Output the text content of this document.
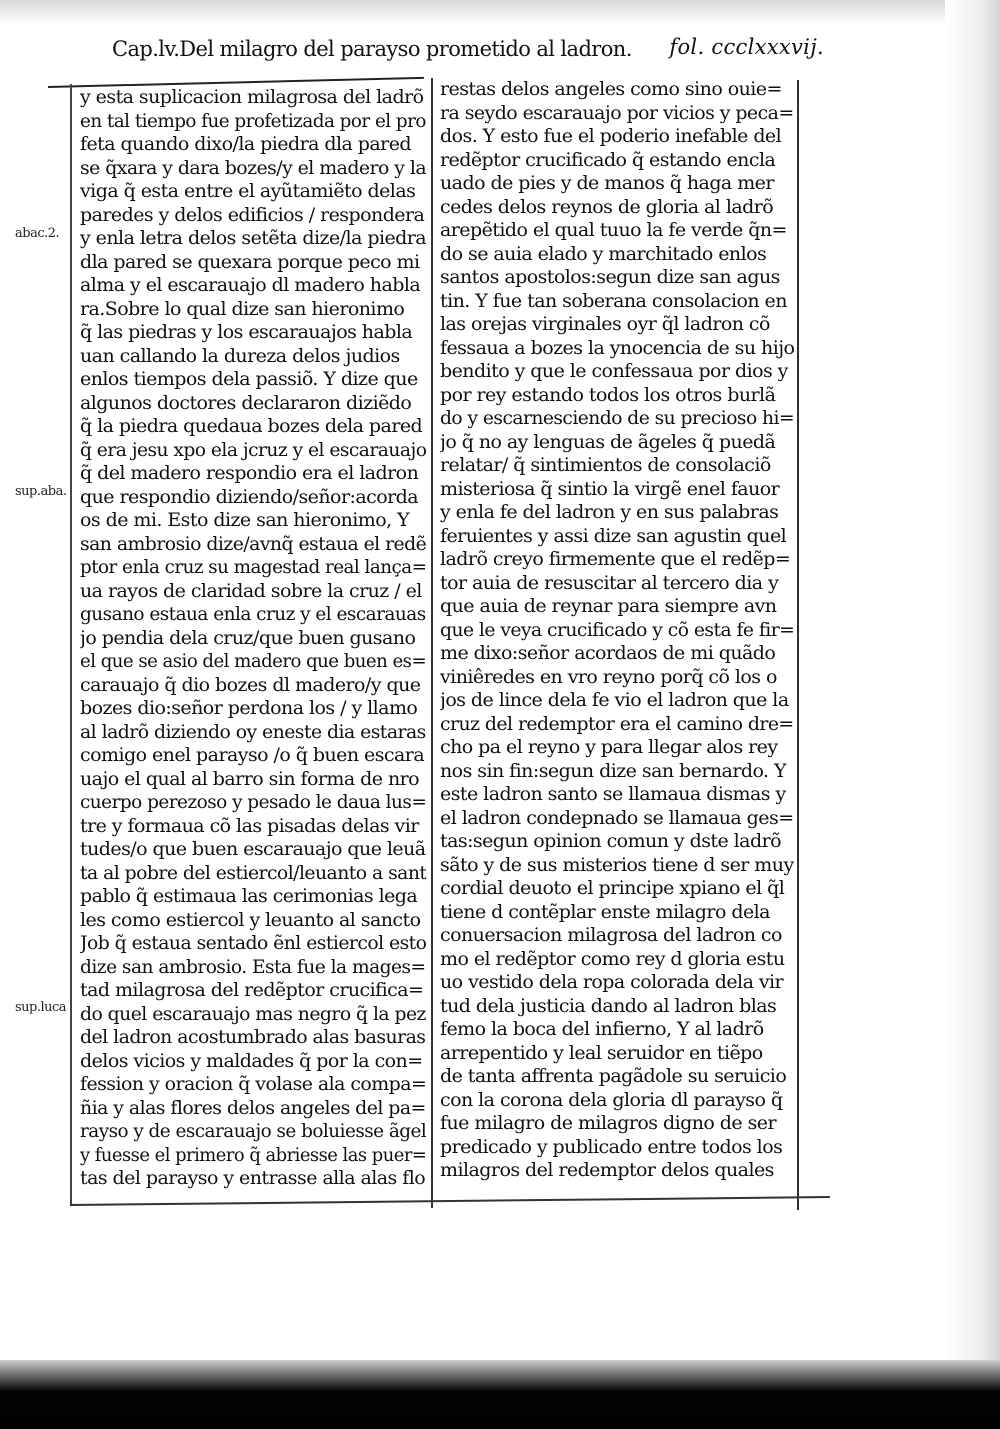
Cap.lv.Del milagro del parayso prometido al ladron. fol. ccclxxxvij.
abac.2.
sup.aba.
sup.luca
y esta suplicacion milagrosa del ladrõ
en tal tiempo fue profetizada por el pro
feta quando dixo/la piedra dla pared
se q̃xara y dara bozes/y el madero y la
viga q̃ esta entre el ayũtamiẽto delas
paredes y delos edificios / respondera
y enla letra delos setẽta dize/la piedra
dla pared se quexara porque peco mi
alma y el escarauajo dl madero habla
ra.Sobre lo qual dize san hieronimo
q̃ las piedras y los escarauajos habla
uan callando la dureza delos judios
enlos tiempos dela passiõ. Y dize que
algunos doctores declararon diziẽdo
q̃ la piedra quedaua bozes dela pared
q̃ era jesu xpo ela jcruz y el escarauajo
q̃ del madero respondio era el ladron
que respondio diziendo/señor:acorda
os de mi. Esto dize san hieronimo, Y
san ambrosio dize/avnq̃ estaua el redẽ
ptor enla cruz su magestad real lança=
ua rayos de claridad sobre la cruz / el
gusano estaua enla cruz y el escarauas
jo pendia dela cruz/que buen gusano
el que se asio del madero que buen es=
carauajo q̃ dio bozes dl madero/y que
bozes dio:señor perdona los / y llamo
al ladrõ diziendo oy eneste dia estaras
comigo enel parayso /o q̃ buen escara
uajo el qual al barro sin forma de nro
cuerpo perezoso y pesado le daua lus=
tre y formaua cõ las pisadas delas vir
tudes/o que buen escarauajo que leuã
ta al pobre del estiercol/leuanto a sant
pablo q̃ estimaua las cerimonias lega
les como estiercol y leuanto al sancto
Job q̃ estaua sentado ẽnl estiercol esto
dize san ambrosio. Esta fue la mages=
tad milagrosa del redẽptor crucifica=
do quel escarauajo mas negro q̃ la pez
del ladron acostumbrado alas basuras
delos vicios y maldades q̃ por la con=
fession y oracion q̃ volase ala compa=
ñia y alas flores delos angeles del pa=
rayso y de escarauajo se boluiesse ãgel
y fuesse el primero q̃ abriesse las puer=
tas del parayso y entrasse alla alas flo
restas delos angeles como sino ouie=
ra seydo escarauajo por vicios y peca=
dos. Y esto fue el poderio inefable del
redẽptor crucificado q̃ estando encla
uado de pies y de manos q̃ haga mer
cedes delos reynos de gloria al ladrõ
arepẽtido el qual tuuo la fe verde q̃n=
do se auia elado y marchitado enlos
santos apostolos:segun dize san agus
tin. Y fue tan soberana consolacion en
las orejas virginales oyr q̃l ladron cõ
fessaua a bozes la ynocencia de su hijo
bendito y que le confessaua por dios y
por rey estando todos los otros burlã
do y escarnesciendo de su precioso hi=
jo q̃ no ay lenguas de ãgeles q̃ puedã
relatar/ q̃ sintimientos de consolaciõ
misteriosa q̃ sintio la virgẽ enel fauor
y enla fe del ladron y en sus palabras
feruientes y assi dize san agustin quel
ladrõ creyo firmemente que el redẽp=
tor auia de resuscitar al tercero dia y
que auia de reynar para siempre avn
que le veya crucificado y cõ esta fe fir=
me dixo:señor acordaos de mi quãdo
viniêredes en vro reyno porq̃ cõ los o
jos de lince dela fe vio el ladron que la
cruz del redemptor era el camino dre=
cho pa el reyno y para llegar alos rey
nos sin fin:segun dize san bernardo. Y
este ladron santo se llamaua dismas y
el ladron condepnado se llamaua ges=
tas:segun opinion comun y dste ladrõ
sãto y de sus misterios tiene d ser muy
cordial deuoto el principe xpiano el q̃l
tiene d contẽplar enste milagro dela
conuersacion milagrosa del ladron co
mo el redẽptor como rey d gloria estu
uo vestido dela ropa colorada dela vir
tud dela justicia dando al ladron blas
femo la boca del infierno, Y al ladrõ
arrepentido y leal seruidor en tiẽpo
de tanta affrenta pagãdole su seruicio
con la corona dela gloria dl parayso q̃
fue milagro de milagros digno de ser
predicado y publicado entre todos los
milagros del redemptor delos quales
